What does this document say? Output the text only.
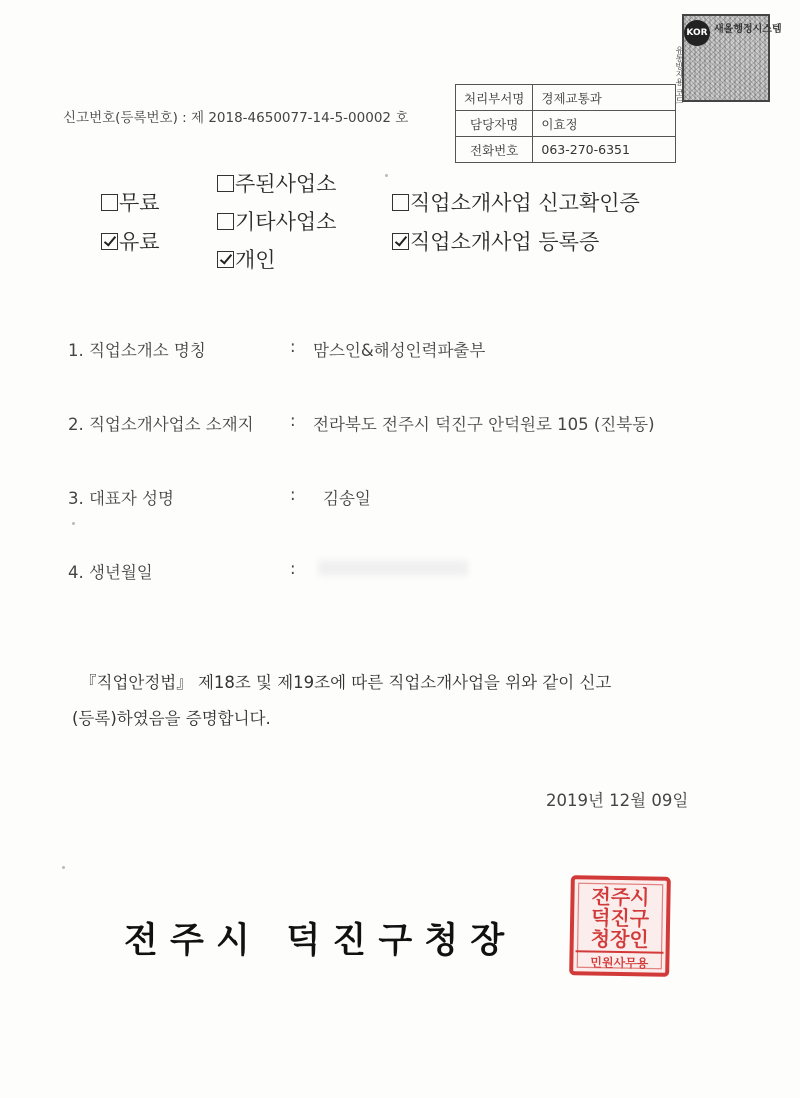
신고번호(등록번호) : 제 2018-4650077-14-5-00002 호
KOR 새올행정시스템
유통방지용 코드
처리부서명	경제교통과
담당자명	이효정
전화번호	063-270-6351
무료
유료
주된사업소
기타사업소
개인
직업소개사업 신고확인증
직업소개사업 등록증
1. 직업소개소 명칭	: 맘스인&해성인력파출부
2. 직업소개사업소 소재지 : 전라북도 전주시 덕진구 안덕원로 105 (진북동)
3. 대표자 성명	: 김송일
4. 생년월일	:
『직업안정법』 제18조 및 제19조에 따른 직업소개사업을 위와 같이 신고
(등록)하였음을 증명합니다.
2019년 12월 09일
전 주 시   덕 진 구 청 장
전주시
덕진구
청장인
민원사무용
